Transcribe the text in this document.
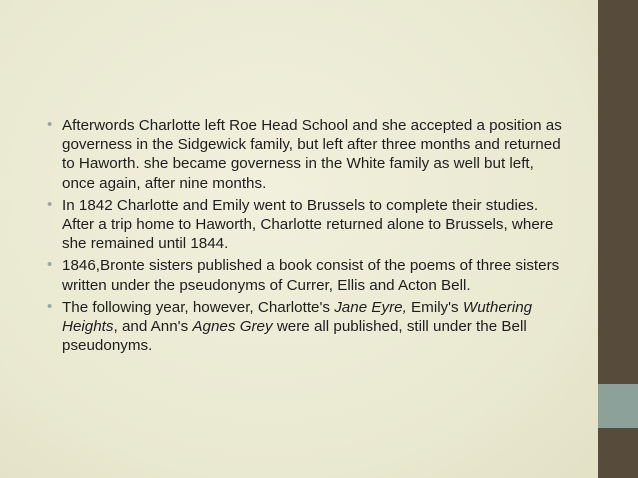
• Afterwords Charlotte left Roe Head School and she accepted a position as governess in the Sidgewick family, but left after three months and returned to Haworth. she became governess in the White family as well but left, once again, after nine months.
• In 1842 Charlotte and Emily went to Brussels to complete their studies. After a trip home to Haworth, Charlotte returned alone to Brussels, where she remained until 1844.
• 1846,Bronte sisters published a book consist of the poems of three sisters written under the pseudonyms of Currer, Ellis and Acton Bell.
• The following year, however, Charlotte's Jane Eyre, Emily's Wuthering Heights, and Ann's Agnes Grey were all published, still under the Bell pseudonyms.
